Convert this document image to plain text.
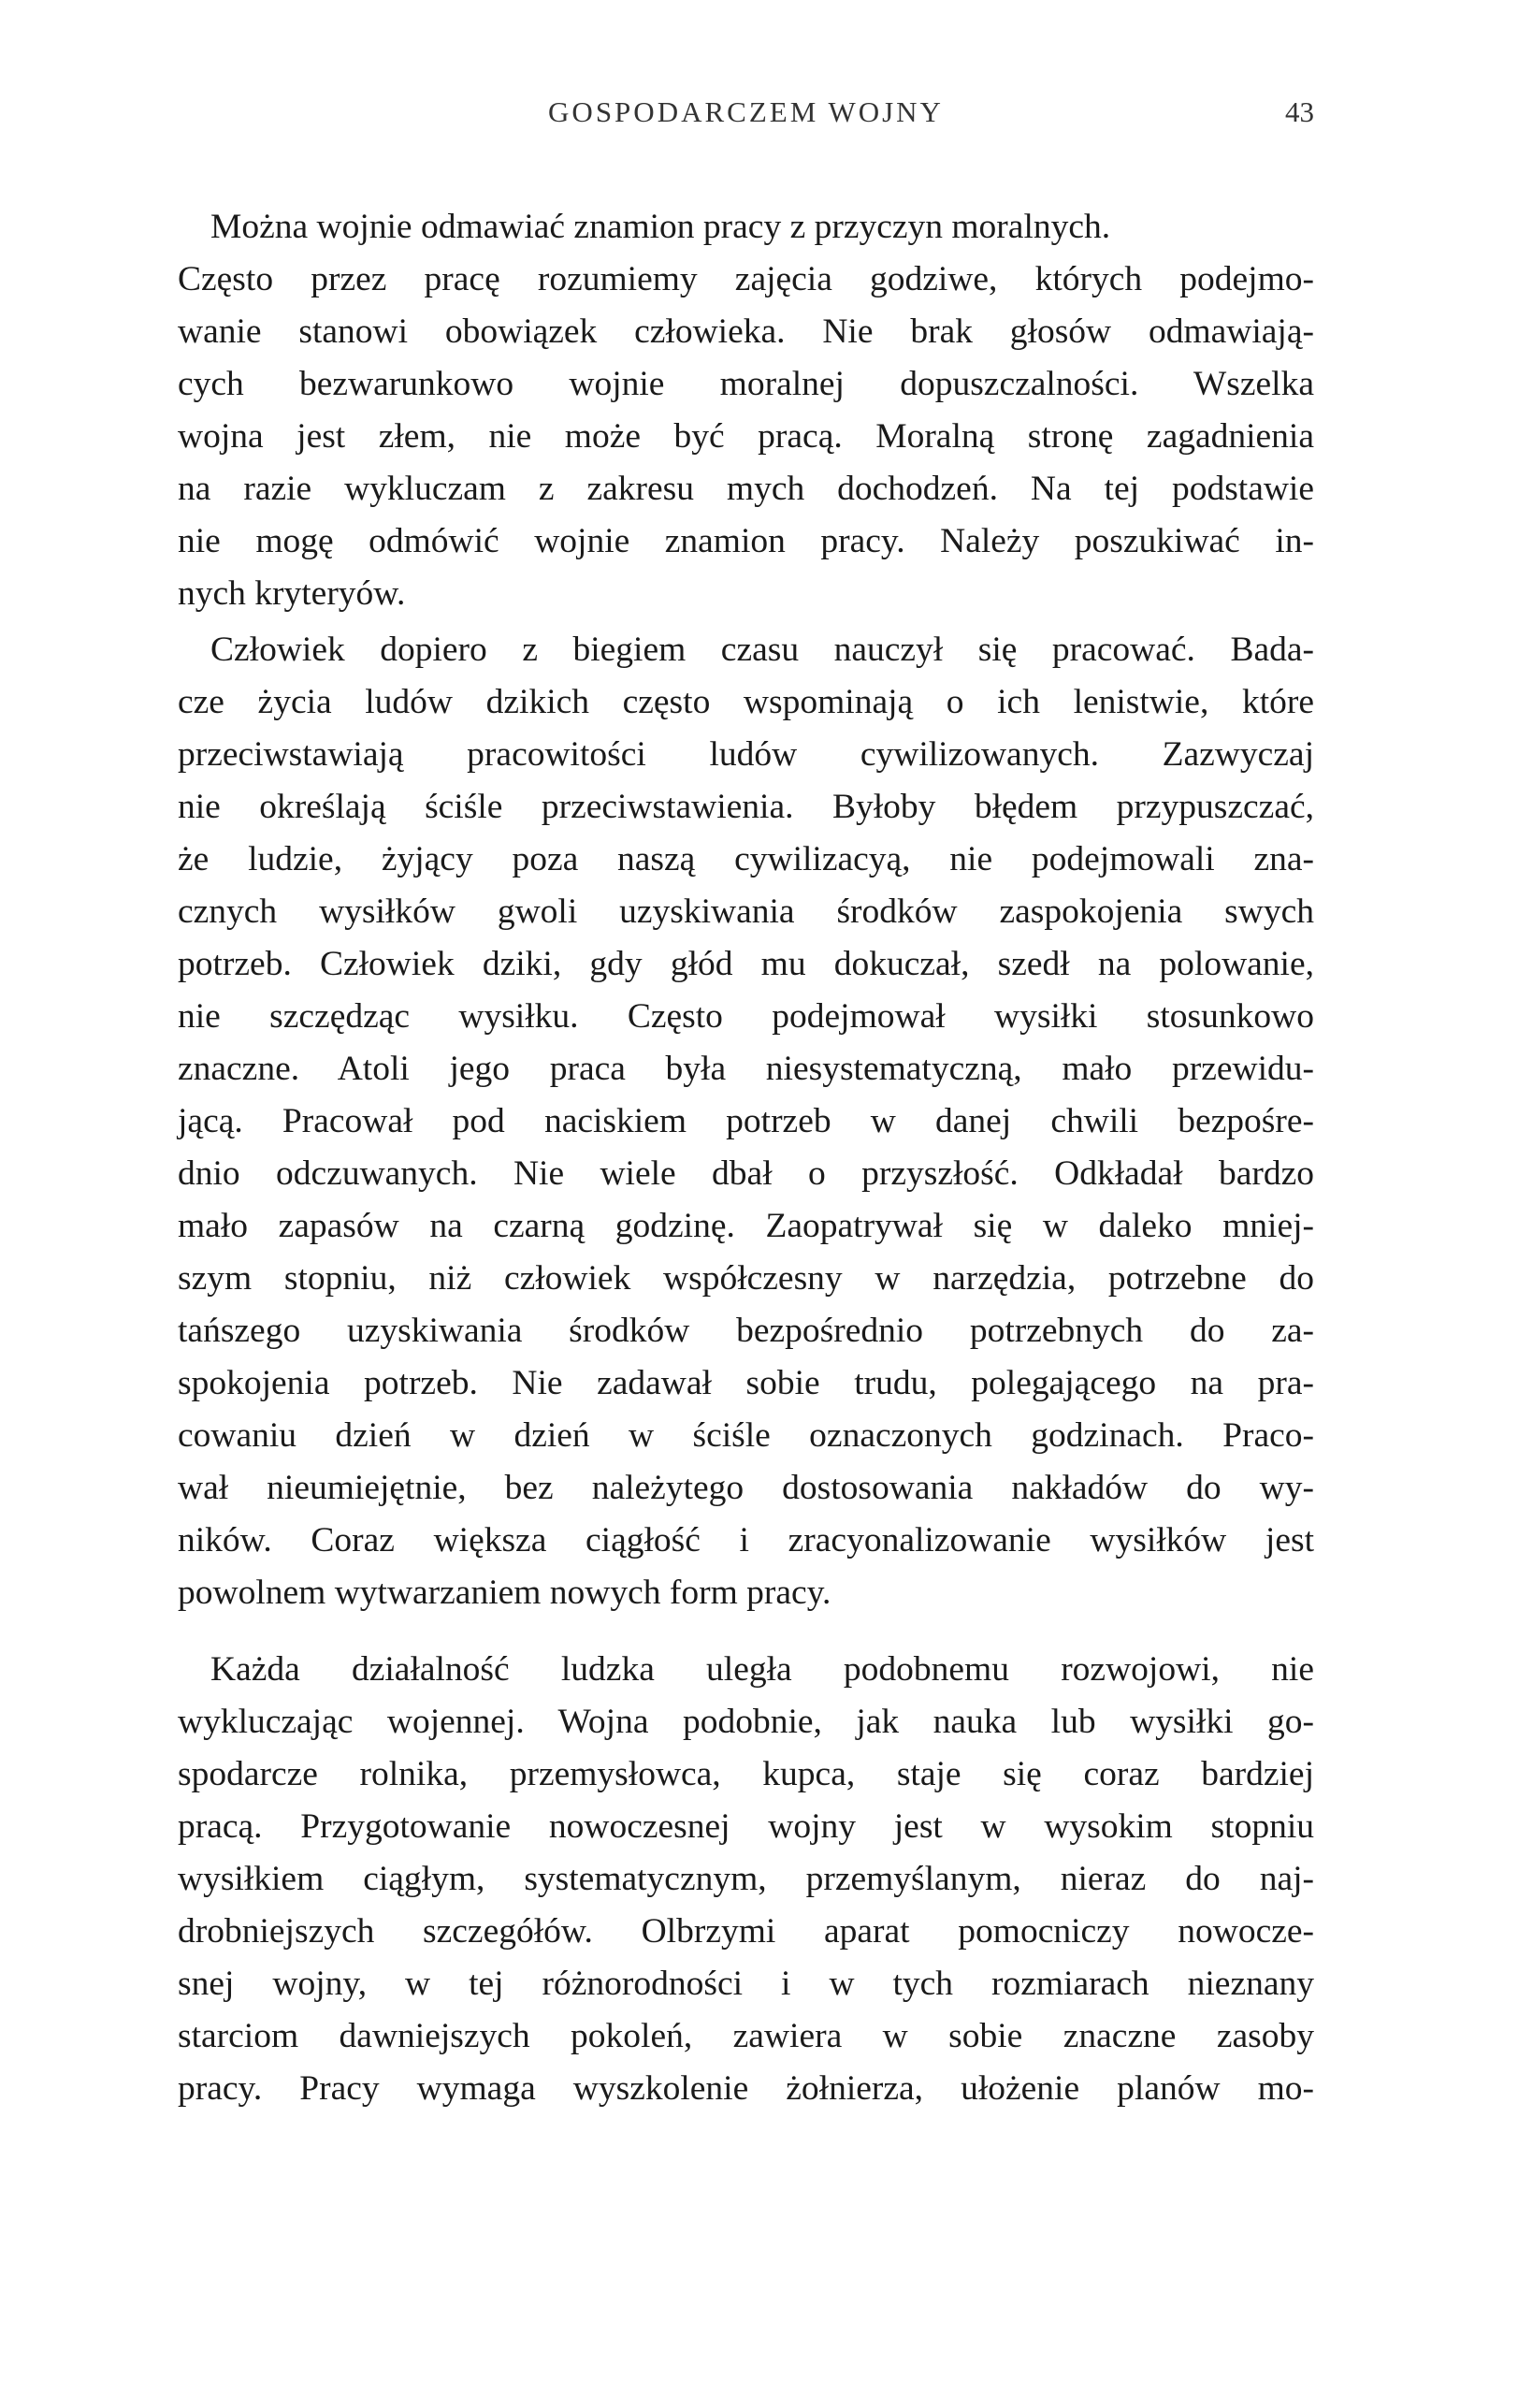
GOSPODARCZEM WOJNY	43
Można wojnie odmawiać znamion pracy z przyczyn moralnych.
Często przez pracę rozumiemy zajęcia godziwe, których podejmo-
wanie stanowi obowiązek człowieka. Nie brak głosów odmawiają-
cych bezwarunkowo wojnie moralnej dopuszczalności. Wszelka
wojna jest złem, nie może być pracą. Moralną stronę zagadnienia
na razie wykluczam z zakresu mych dochodzeń. Na tej podstawie
nie mogę odmówić wojnie znamion pracy. Należy poszukiwać in-
nych kryteryów.
Człowiek dopiero z biegiem czasu nauczył się pracować. Bada-
cze życia ludów dzikich często wspominają o ich lenistwie, które
przeciwstawiają pracowitości ludów cywilizowanych. Zazwyczaj
nie określają ściśle przeciwstawienia. Byłoby błędem przypuszczać,
że ludzie, żyjący poza naszą cywilizacyą, nie podejmowali zna-
cznych wysiłków gwoli uzyskiwania środków zaspokojenia swych
potrzeb. Człowiek dziki, gdy głód mu dokuczał, szedł na polowanie,
nie szczędząc wysiłku. Często podejmował wysiłki stosunkowo
znaczne. Atoli jego praca była niesystematyczną, mało przewidu-
jącą. Pracował pod naciskiem potrzeb w danej chwili bezpośre-
dnio odczuwanych. Nie wiele dbał o przyszłość. Odkładał bardzo
mało zapasów na czarną godzinę. Zaopatrywał się w daleko mniej-
szym stopniu, niż człowiek współczesny w narzędzia, potrzebne do
tańszego uzyskiwania środków bezpośrednio potrzebnych do za-
spokojenia potrzeb. Nie zadawał sobie trudu, polegającego na pra-
cowaniu dzień w dzień w ściśle oznaczonych godzinach. Praco-
wał nieumiejętnie, bez należytego dostosowania nakładów do wy-
ników. Coraz większa ciągłość i zracyonalizowanie wysiłków jest
powolnem wytwarzaniem nowych form pracy.
Każda działalność ludzka uległa podobnemu rozwojowi, nie
wykluczając wojennej. Wojna podobnie, jak nauka lub wysiłki go-
spodarcze rolnika, przemysłowca, kupca, staje się coraz bardziej
pracą. Przygotowanie nowoczesnej wojny jest w wysokim stopniu
wysiłkiem ciągłym, systematycznym, przemyślanym, nieraz do naj-
drobniejszych szczegółów. Olbrzymi aparat pomocniczy nowocze-
snej wojny, w tej różnorodności i w tych rozmiarach nieznany
starciom dawniejszych pokoleń, zawiera w sobie znaczne zasoby
pracy. Pracy wymaga wyszkolenie żołnierza, ułożenie planów mo-
